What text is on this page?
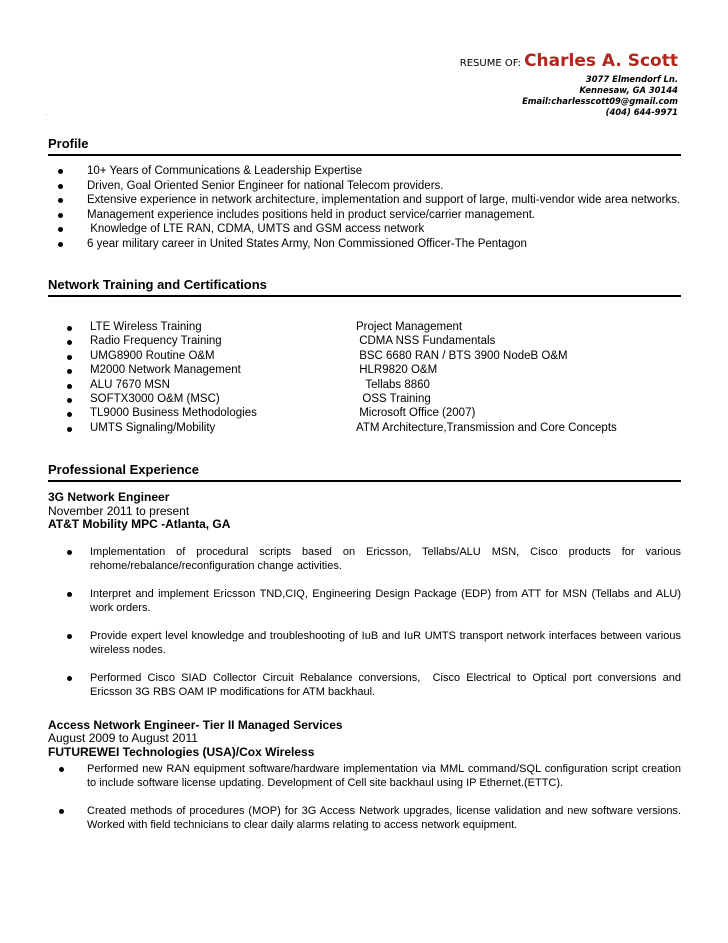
RESUME OF: Charles A. Scott
3077 Elmendorf Ln.
Kennesaw, GA 30144
Email:charlesscott09@gmail.com
(404) 644-9971
.
Profile
10+ Years of Communications & Leadership Expertise
Driven, Goal Oriented Senior Engineer for national Telecom providers.
Extensive experience in network architecture, implementation and support of large, multi-vendor wide area networks.
Management experience includes positions held in product service/carrier management.
Knowledge of LTE RAN, CDMA, UMTS and GSM access network
6 year military career in United States Army, Non Commissioned Officer-The Pentagon
Network Training and Certifications
LTE Wireless Training	Project Management
Radio Frequency Training	CDMA NSS Fundamentals
UMG8900 Routine O&M	BSC 6680 RAN / BTS 3900 NodeB O&M
M2000 Network Management	HLR9820 O&M
ALU 7670 MSN	Tellabs 8860
SOFTX3000 O&M (MSC)	OSS Training
TL9000 Business Methodologies	Microsoft Office (2007)
UMTS Signaling/Mobility	ATM Architecture,Transmission and Core Concepts
Professional Experience
3G Network Engineer
November 2011 to present
AT&T Mobility MPC -Atlanta, GA
Implementation of procedural scripts based on Ericsson, Tellabs/ALU MSN, Cisco products for various rehome/rebalance/reconfiguration change activities.
Interpret and implement Ericsson TND,CIQ, Engineering Design Package (EDP) from ATT for MSN (Tellabs and ALU) work orders.
Provide expert level knowledge and troubleshooting of IuB and IuR UMTS transport network interfaces between various wireless nodes.
Performed Cisco SIAD Collector Circuit Rebalance conversions,  Cisco Electrical to Optical port conversions and Ericsson 3G RBS OAM IP modifications for ATM backhaul.
Access Network Engineer- Tier II Managed Services
August 2009 to August 2011
FUTUREWEI Technologies (USA)/Cox Wireless
Performed new RAN equipment software/hardware implementation via MML command/SQL configuration script creation to include software license updating. Development of Cell site backhaul using IP Ethernet.(ETTC).
Created methods of procedures (MOP) for 3G Access Network upgrades, license validation and new software versions. Worked with field technicians to clear daily alarms relating to access network equipment.
